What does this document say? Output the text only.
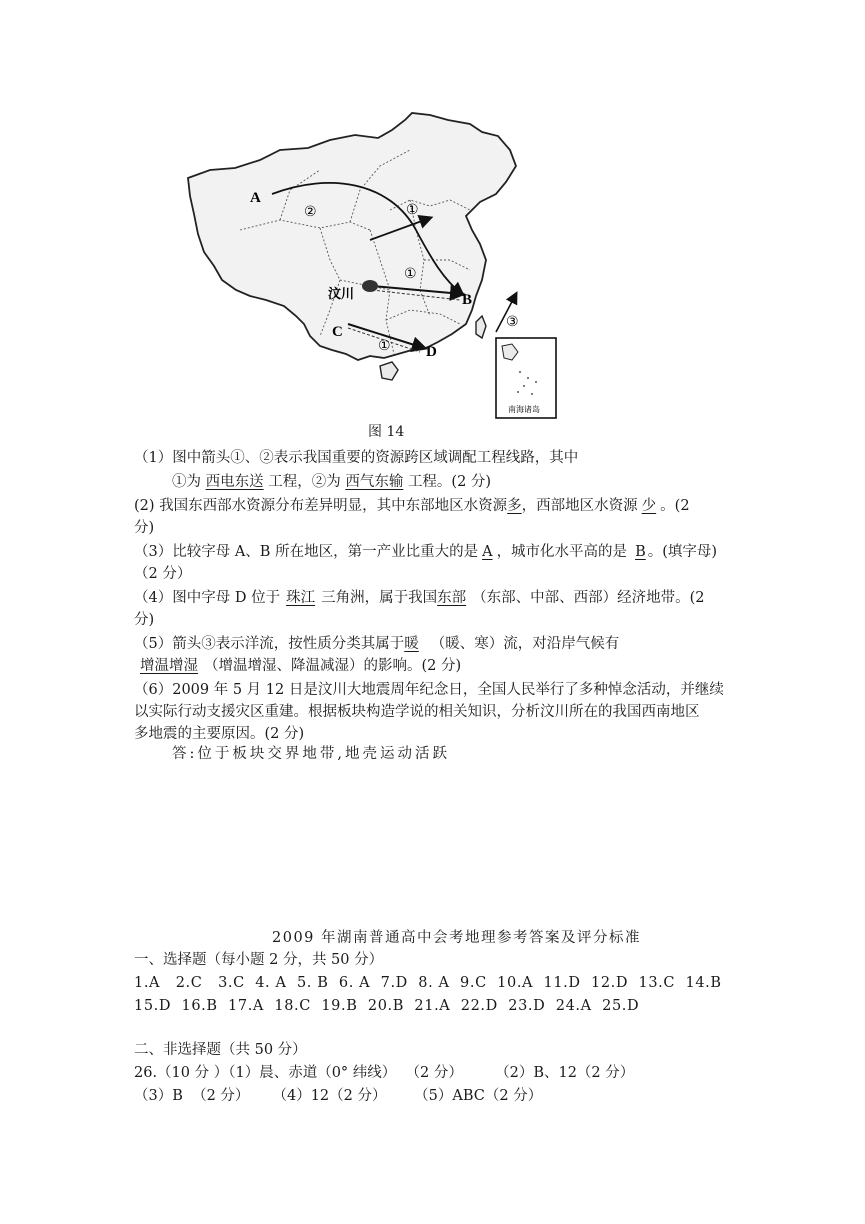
A
B
C
D
汶川
②	①
①
①
③
南海诸岛
图 14
（1）图中箭头①、②表示我国重要的资源跨区域调配工程线路，其中
①为 西电东送 工程，②为 西气东输 工程。(2 分)
(2) 我国东西部水资源分布差异明显，其中东部地区水资源多，西部地区水资源 少 。(2
分)
（3）比较字母 A、B 所在地区，第一产业比重大的是 A ，城市化水平高的是 B 。(填字母)
（2 分）
（4）图中字母 D 位于 珠江 三角洲，属于我国东部 （东部、中部、西部）经济地带。(2
分)
（5）箭头③表示洋流，按性质分类其属于暖 （暖、寒）流，对沿岸气候有
增温增湿 （增温增湿、降温减湿）的影响。(2 分)
（6）2009 年 5 月 12 日是汶川大地震周年纪念日，全国人民举行了多种悼念活动，并继续
以实际行动支援灾区重建。根据板块构造学说的相关知识，分析汶川所在的我国西南地区
多地震的主要原因。(2 分)
答:位于板块交界地带,地壳运动活跃
2009 年湖南普通高中会考地理参考答案及评分标准
一、选择题（每小题 2 分，共 50 分）
1.A   2.C   3.C  4. A  5. B  6. A  7.D  8. A  9.C  10.A  11.D  12.D  13.C  14.B
15.D  16.B  17.A  18.C  19.B  20.B  21.A  22.D  23.D  24.A  25.D
二、非选择题（共 50 分）
26.（10 分 ）（1）晨、赤道（0° 纬线）  （2 分）       （2）B、12（2 分）
（3）B  （2 分）     （4）12（2 分）      （5）ABC（2 分）
